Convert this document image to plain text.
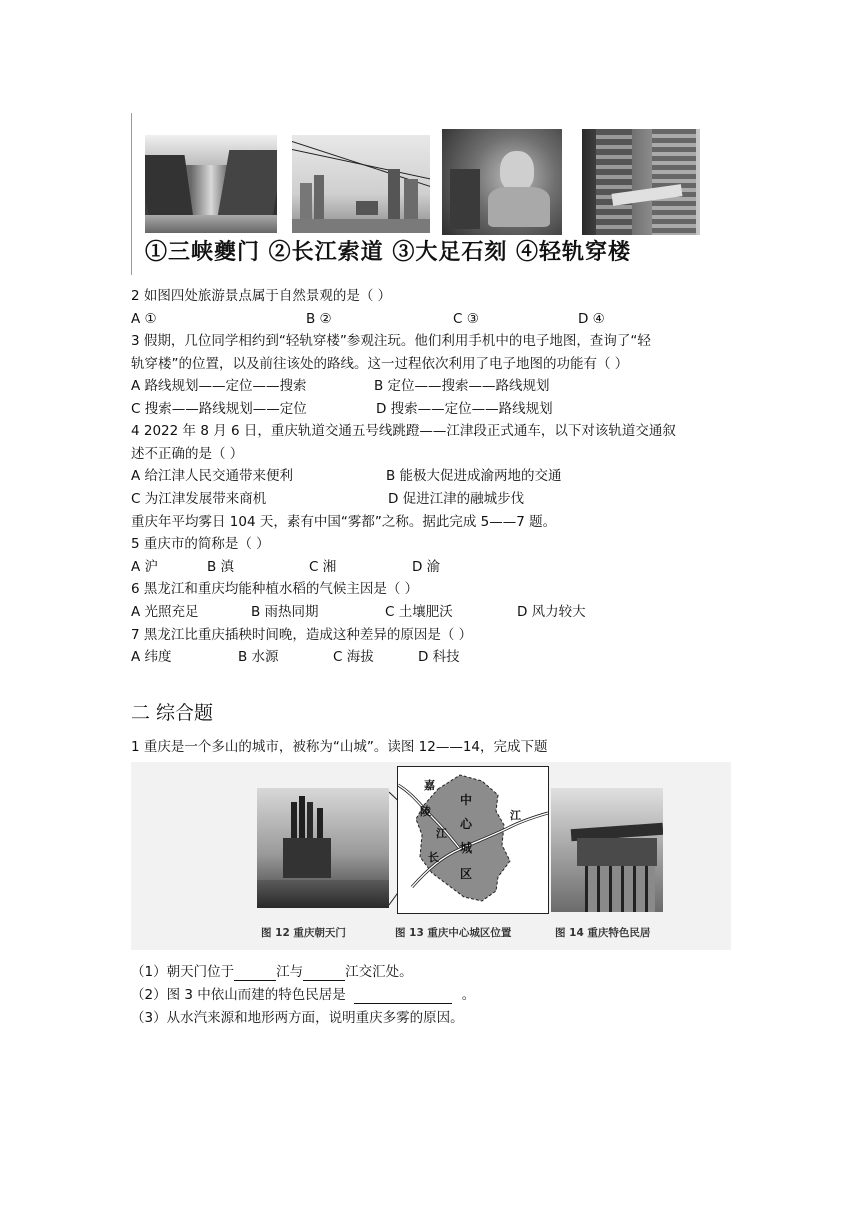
①三峡夔门 ②长江索道 ③大足石刻 ④轻轨穿楼
2 如图四处旅游景点属于自然景观的是（ ）
A ①	B ②	C ③	D ④
3 假期，几位同学相约到“轻轨穿楼”参观注玩。他们利用手机中的电子地图，查询了“轻
轨穿楼”的位置，以及前往该处的路线。这一过程依次利用了电子地图的功能有（ ）
A 路线规划——定位——搜索	B 定位——搜索——路线规划
C 搜索——路线规划——定位	D 搜索——定位——路线规划
4 2022 年 8 月 6 日，重庆轨道交通五号线跳蹬——江津段正式通车，以下对该轨道交通叙
述不正确的是（ ）
A 给江津人民交通带来便利	B 能极大促进成渝两地的交通
C 为江津发展带来商机	D 促进江津的融城步伐
重庆年平均雾日 104 天，素有中国“雾都”之称。据此完成 5——7 题。
5 重庆市的简称是（ ）
A 沪	B 滇	C 湘	D 渝
6 黑龙江和重庆均能种植水稻的气候主因是（ ）
A 光照充足	B 雨热同期	C 土壤肥沃	D 风力较大
7 黑龙江比重庆插秧时间晚，造成这种差异的原因是（ ）
A 纬度	B 水源	C 海拔	D 科技
二 综合题
1 重庆是一个多山的城市，被称为“山城”。读图 12——14，完成下题
嘉
陵
江
中
心
城
区
江
长
图 12 重庆朝天门	图 13 重庆中心城区位置	图 14 重庆特色民居
（1）朝天门位于	江与	江交汇处。
（2）图 3 中依山而建的特色民居是	。
（3）从水汽来源和地形两方面，说明重庆多雾的原因。
